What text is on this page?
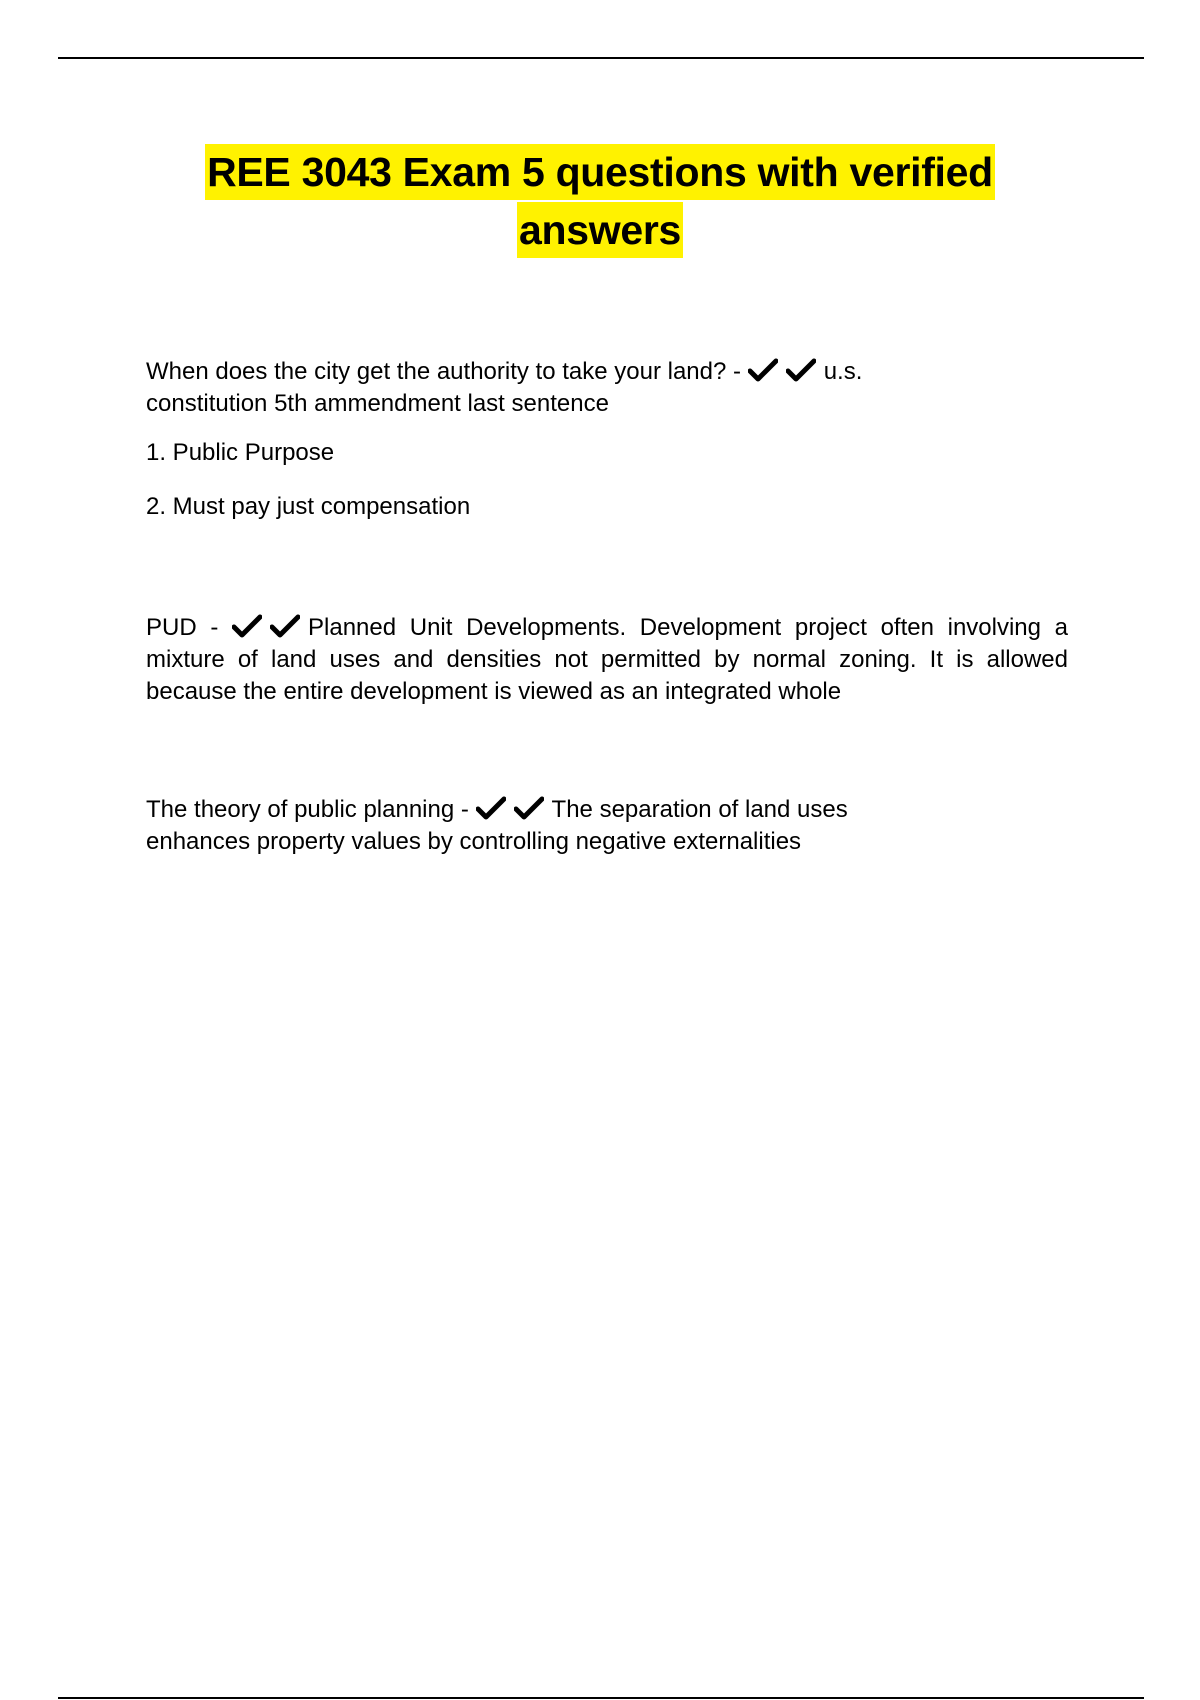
REE 3043 Exam 5 questions with verified
answers

When does the city get the authority to take your land? -	u.s.

constitution 5th ammendment last sentence

1. Public Purpose
2. Must pay just compensation

PUD -	Planned Unit Developments. Development project often involving a mixture of land uses and densities not permitted by normal zoning. It is allowed because the entire development is viewed as an integrated whole

The theory of public planning -	The separation of land uses

enhances property values by controlling negative externalities
